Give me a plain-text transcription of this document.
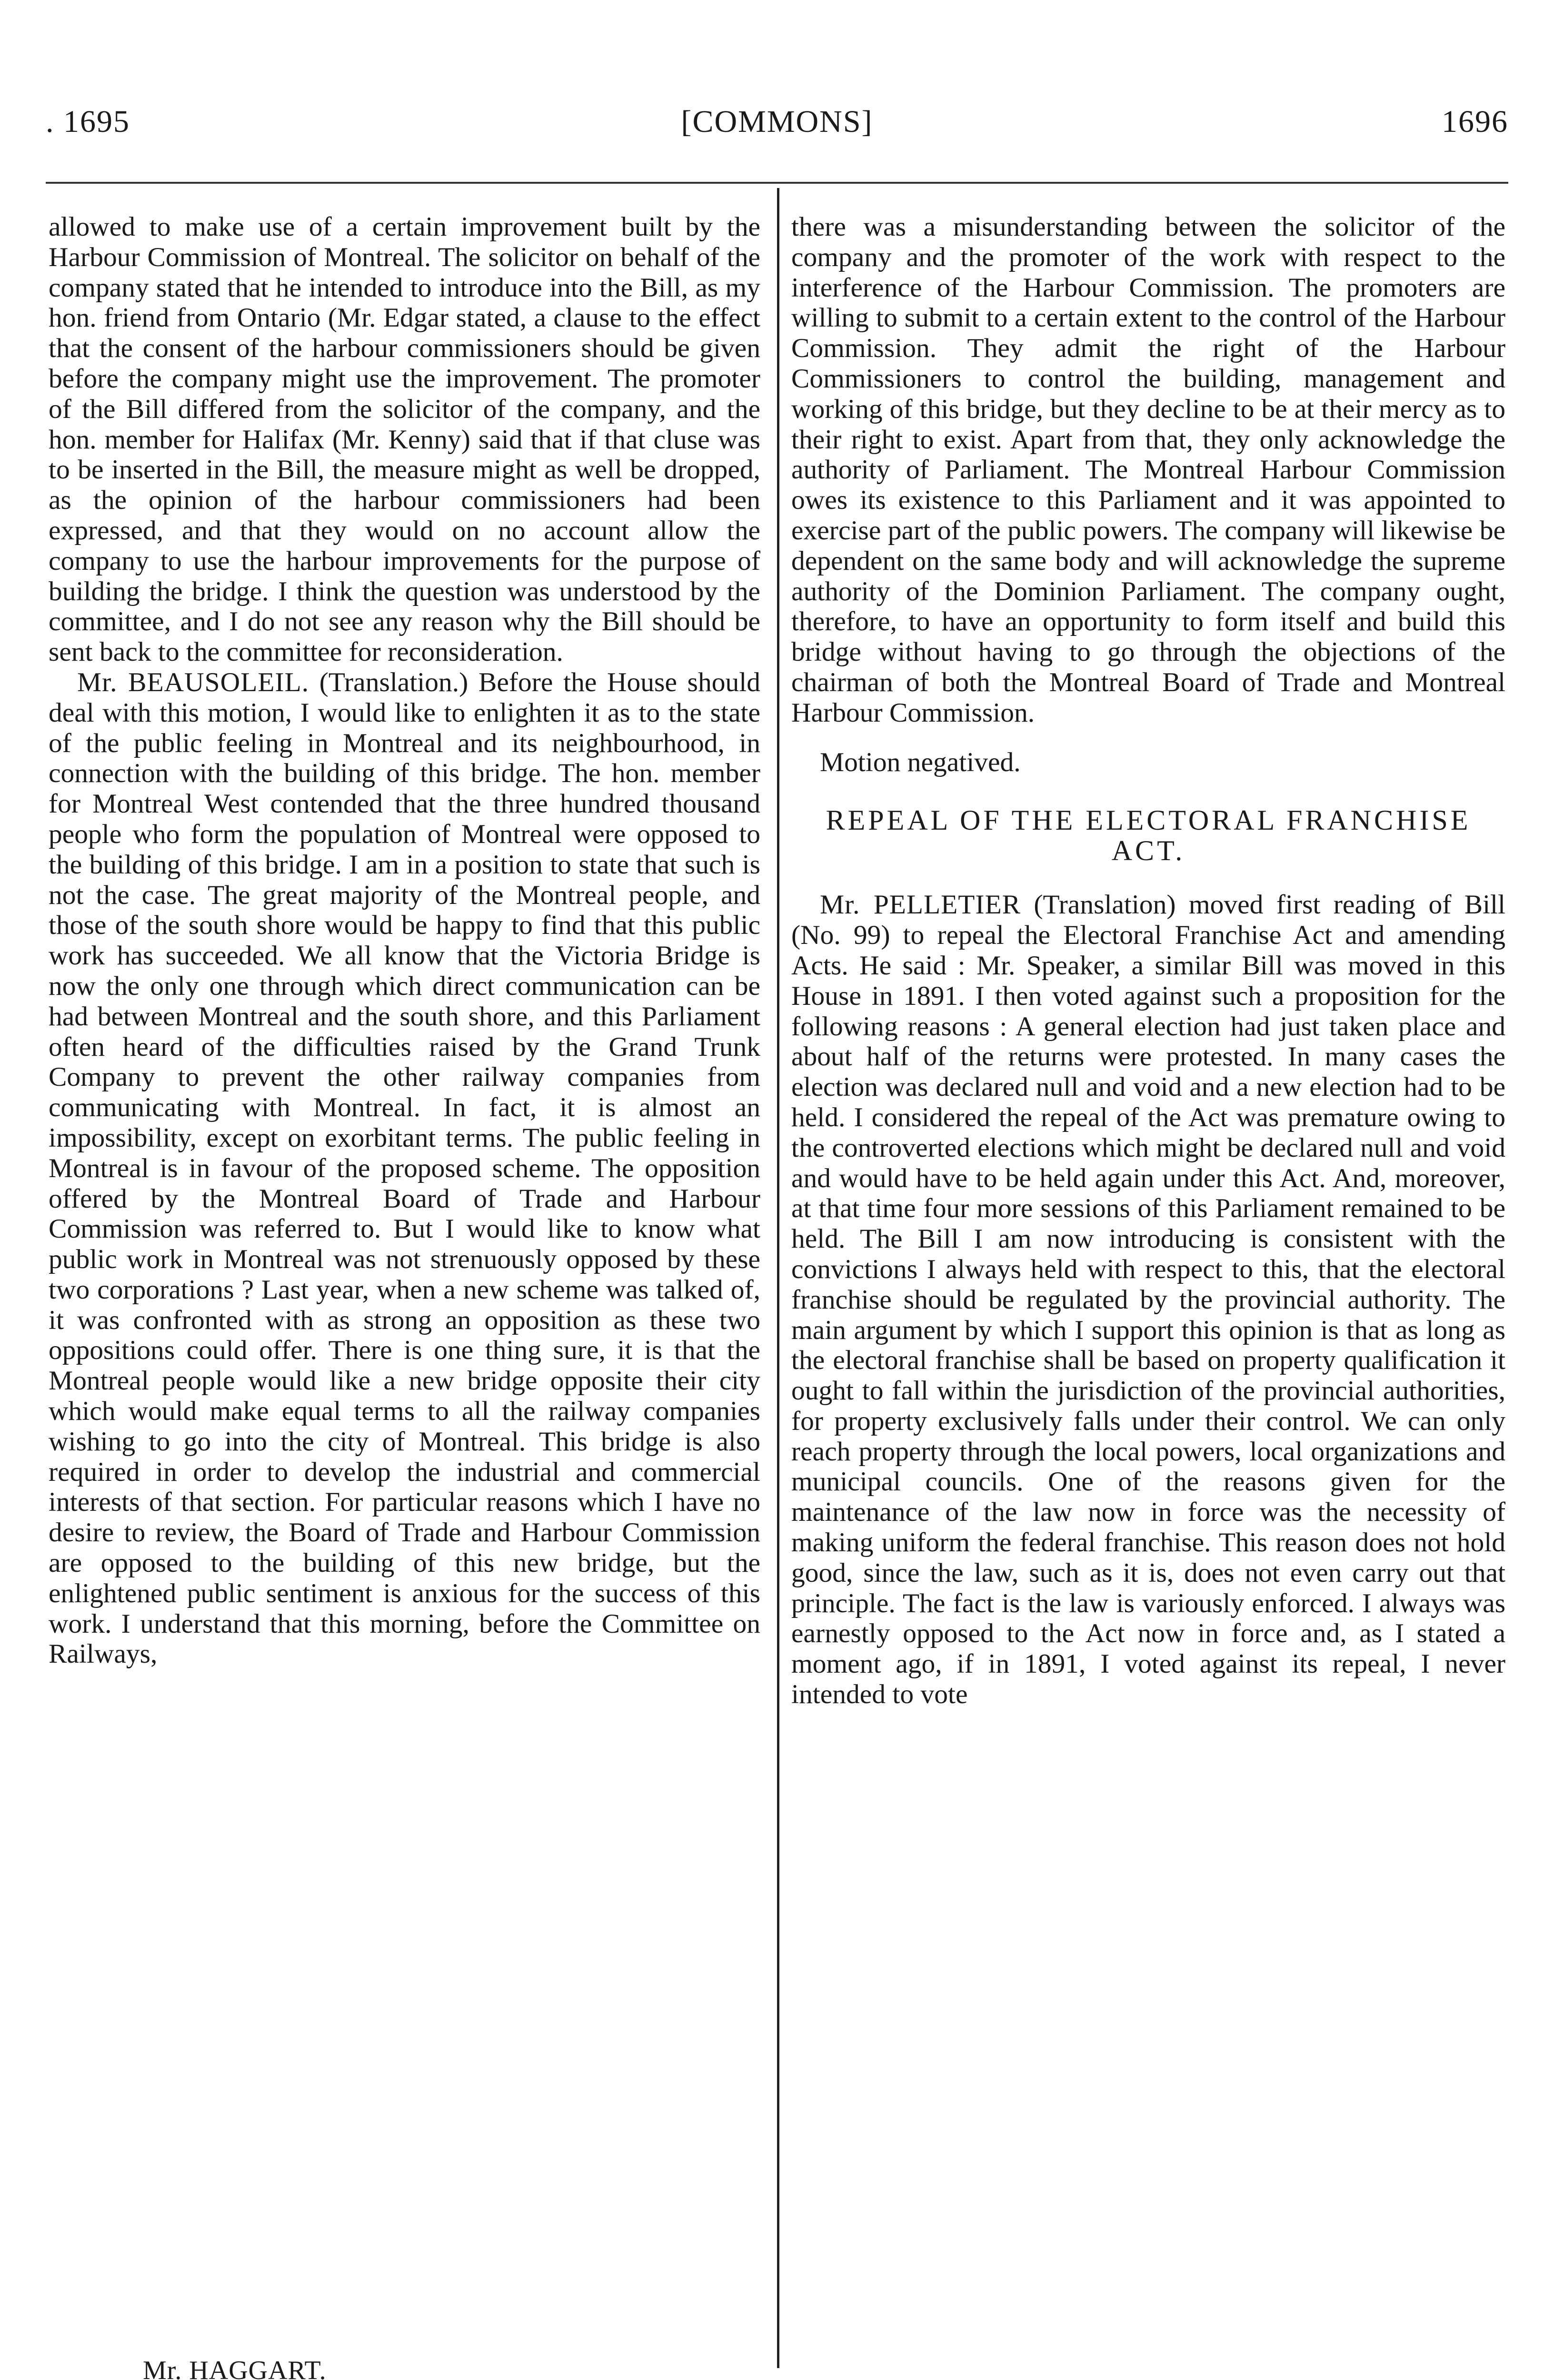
. 1695	[COMMONS]	1696

allowed to make use of a certain improvement built by the Harbour Commission of Montreal. The solicitor on behalf of the company stated that he intended to introduce into the Bill, as my hon. friend from Ontario (Mr. Edgar stated, a clause to the effect that the consent of the harbour commissioners should be given before the company might use the improvement. The promoter of the Bill differed from the solicitor of the company, and the hon. member for Halifax (Mr. Kenny) said that if that cluse was to be inserted in the Bill, the measure might as well be dropped, as the opinion of the harbour commissioners had been expressed, and that they would on no account allow the company to use the harbour improvements for the purpose of building the bridge. I think the question was understood by the committee, and I do not see any reason why the Bill should be sent back to the committee for reconsideration.

Mr. BEAUSOLEIL. (Translation.) Before the House should deal with this motion, I would like to enlighten it as to the state of the public feeling in Montreal and its neighbourhood, in connection with the building of this bridge. The hon. member for Montreal West contended that the three hundred thousand people who form the population of Montreal were opposed to the building of this bridge. I am in a position to state that such is not the case. The great majority of the Montreal people, and those of the south shore would be happy to find that this public work has succeeded. We all know that the Victoria Bridge is now the only one through which direct communication can be had between Montreal and the south shore, and this Parliament often heard of the difficulties raised by the Grand Trunk Company to prevent the other railway companies from communicating with Montreal. In fact, it is almost an impossibility, except on exorbitant terms. The public feeling in Montreal is in favour of the proposed scheme. The opposition offered by the Montreal Board of Trade and Harbour Commission was referred to. But I would like to know what public work in Montreal was not strenuously opposed by these two corporations ? Last year, when a new scheme was talked of, it was confronted with as strong an opposition as these two oppositions could offer. There is one thing sure, it is that the Montreal people would like a new bridge opposite their city which would make equal terms to all the railway companies wishing to go into the city of Montreal. This bridge is also required in order to develop the industrial and commercial interests of that section. For particular reasons which I have no desire to review, the Board of Trade and Harbour Commission are opposed to the building of this new bridge, but the enlightened public sentiment is anxious for the success of this work. I understand that this morning, before the Committee on Railways,

there was a misunderstanding between the solicitor of the company and the promoter of the work with respect to the interference of the Harbour Commission. The promoters are willing to submit to a certain extent to the control of the Harbour Commission. They admit the right of the Harbour Commissioners to control the building, management and working of this bridge, but they decline to be at their mercy as to their right to exist. Apart from that, they only acknowledge the authority of Parliament. The Montreal Harbour Commission owes its existence to this Parliament and it was appointed to exercise part of the public powers. The company will likewise be dependent on the same body and will acknowledge the supreme authority of the Dominion Parliament. The company ought, therefore, to have an opportunity to form itself and build this bridge without having to go through the objections of the chairman of both the Montreal Board of Trade and Montreal Harbour Commission.

Motion negatived.

REPEAL OF THE ELECTORAL FRANCHISE ACT.

Mr. PELLETIER (Translation) moved first reading of Bill (No. 99) to repeal the Electoral Franchise Act and amending Acts. He said : Mr. Speaker, a similar Bill was moved in this House in 1891. I then voted against such a proposition for the following reasons : A general election had just taken place and about half of the returns were protested. In many cases the election was declared null and void and a new election had to be held. I considered the repeal of the Act was premature owing to the controverted elections which might be declared null and void and would have to be held again under this Act. And, moreover, at that time four more sessions of this Parliament remained to be held. The Bill I am now introducing is consistent with the convictions I always held with respect to this, that the electoral franchise should be regulated by the provincial authority. The main argument by which I support this opinion is that as long as the electoral franchise shall be based on property qualification it ought to fall within the jurisdiction of the provincial authorities, for property exclusively falls under their control. We can only reach property through the local powers, local organizations and municipal councils. One of the reasons given for the maintenance of the law now in force was the necessity of making uniform the federal franchise. This reason does not hold good, since the law, such as it is, does not even carry out that principle. The fact is the law is variously enforced. I always was earnestly opposed to the Act now in force and, as I stated a moment ago, if in 1891, I voted against its repeal, I never intended to vote

Mr. HAGGART.
